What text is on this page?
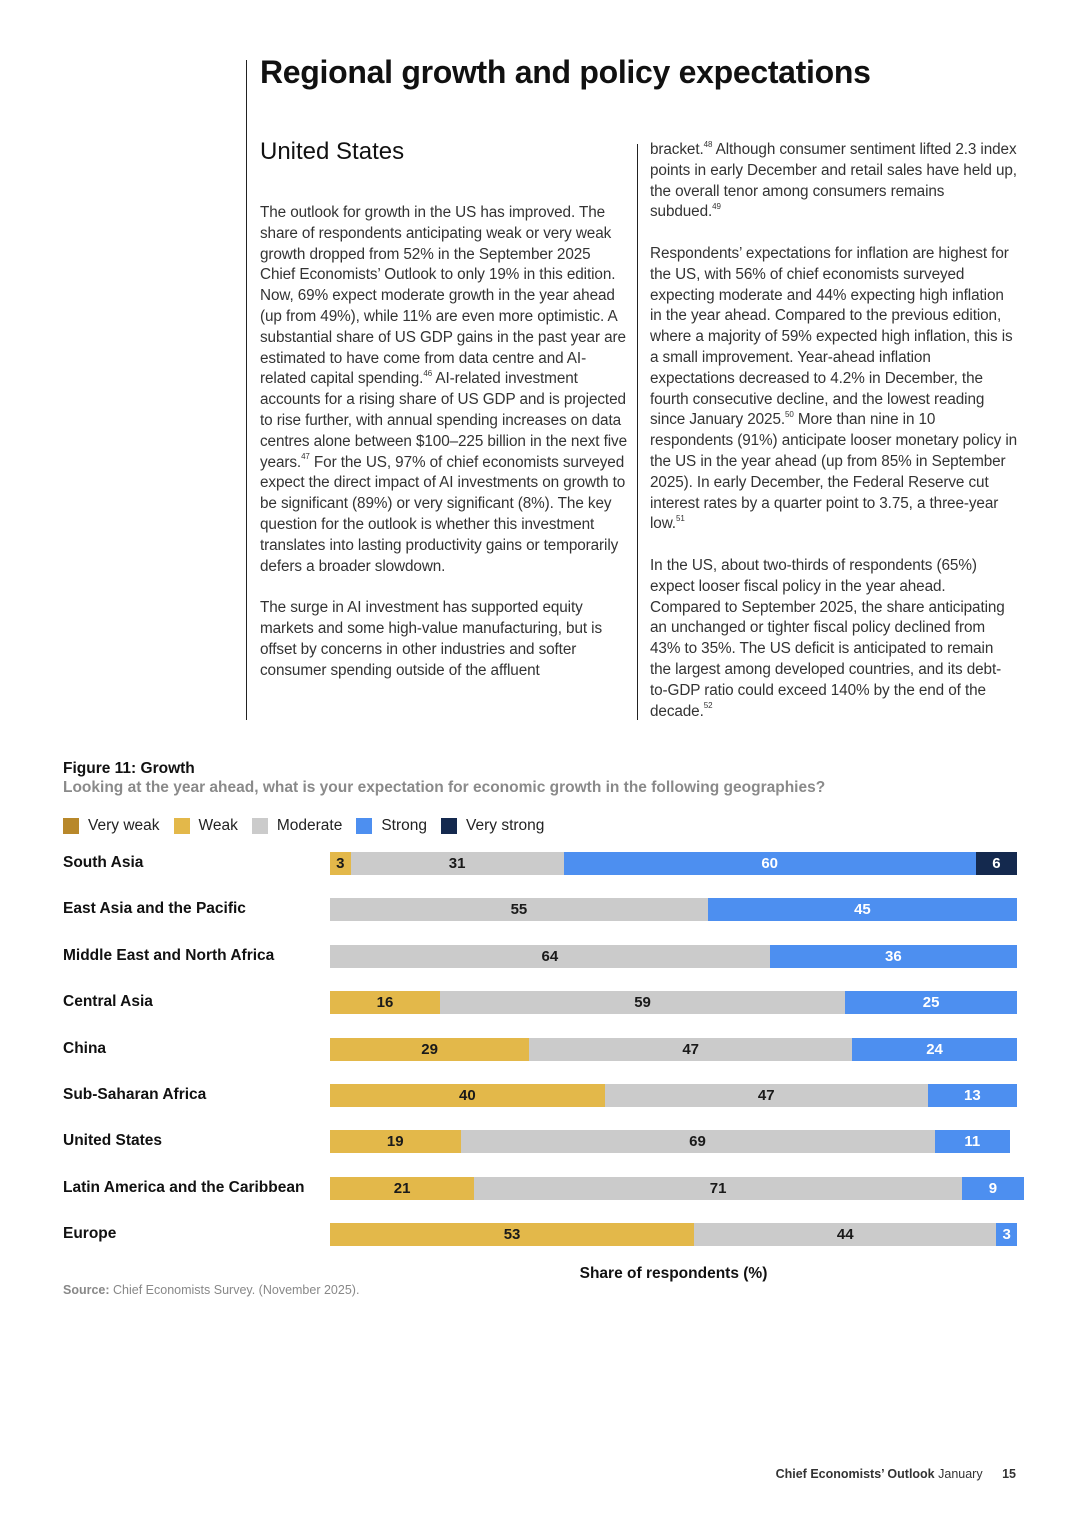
Regional growth and policy expectations
United States

The outlook for growth in the US has improved. The share of respondents anticipating weak or very weak growth dropped from 52% in the September 2025 Chief Economists’ Outlook to only 19% in this edition. Now, 69% expect moderate growth in the year ahead (up from 49%), while 11% are even more optimistic. A substantial share of US GDP gains in the past year are estimated to have come from data centre and AI-related capital spending.$^{46}$ AI-related investment accounts for a rising share of US GDP and is projected to rise further, with annual spending increases on data centres alone between $100–225 billion in the next five years.$^{47}$ For the US, 97% of chief economists surveyed expect the direct impact of AI investments on growth to be significant (89%) or very significant (8%). The key question for the outlook is whether this investment translates into lasting productivity gains or temporarily defers a broader slowdown.

The surge in AI investment has supported equity markets and some high-value manufacturing, but is offset by concerns in other industries and softer consumer spending outside of the affluent

bracket.$^{48}$ Although consumer sentiment lifted 2.3 index points in early December and retail sales have held up, the overall tenor among consumers remains subdued.$^{49}$

Respondents’ expectations for inflation are highest for the US, with 56% of chief economists surveyed expecting moderate and 44% expecting high inflation in the year ahead. Compared to the previous edition, where a majority of 59% expected high inflation, this is a small improvement. Year-ahead inflation expectations decreased to 4.2% in December, the fourth consecutive decline, and the lowest reading since January 2025.50 More than nine in 10 respondents (91%) anticipate looser monetary policy in the US in the year ahead (up from 85% in September 2025). In early December, the Federal Reserve cut interest rates by a quarter point to 3.75, a three-year low.$^{51}$

In the US, about two-thirds of respondents (65%) expect looser fiscal policy in the year ahead. Compared to September 2025, the share anticipating an unchanged or tighter fiscal policy declined from 43% to 35%. The US deficit is anticipated to remain the largest among developed countries, and its debt-to-GDP ratio could exceed 140% by the end of the decade.$^{52}$

Figure 11: Growth
Looking at the year ahead, what is your expectation for economic growth in the following geographies?
Very weak	Weak	Moderate	Strong	Very strong
South Asia	3	31	60	6
East Asia and the Pacific	55	45
Middle East and North Africa	64	36
Central Asia	16	59	25
China	29	47	24
Sub-Saharan Africa	40	47	13
United States	19	69	11
Latin America and the Caribbean	21	71	9
Europe	53	44	3
Share of respondents (%)
Source: Chief Economists Survey. (November 2025).
Chief Economists’ Outlook January 15
